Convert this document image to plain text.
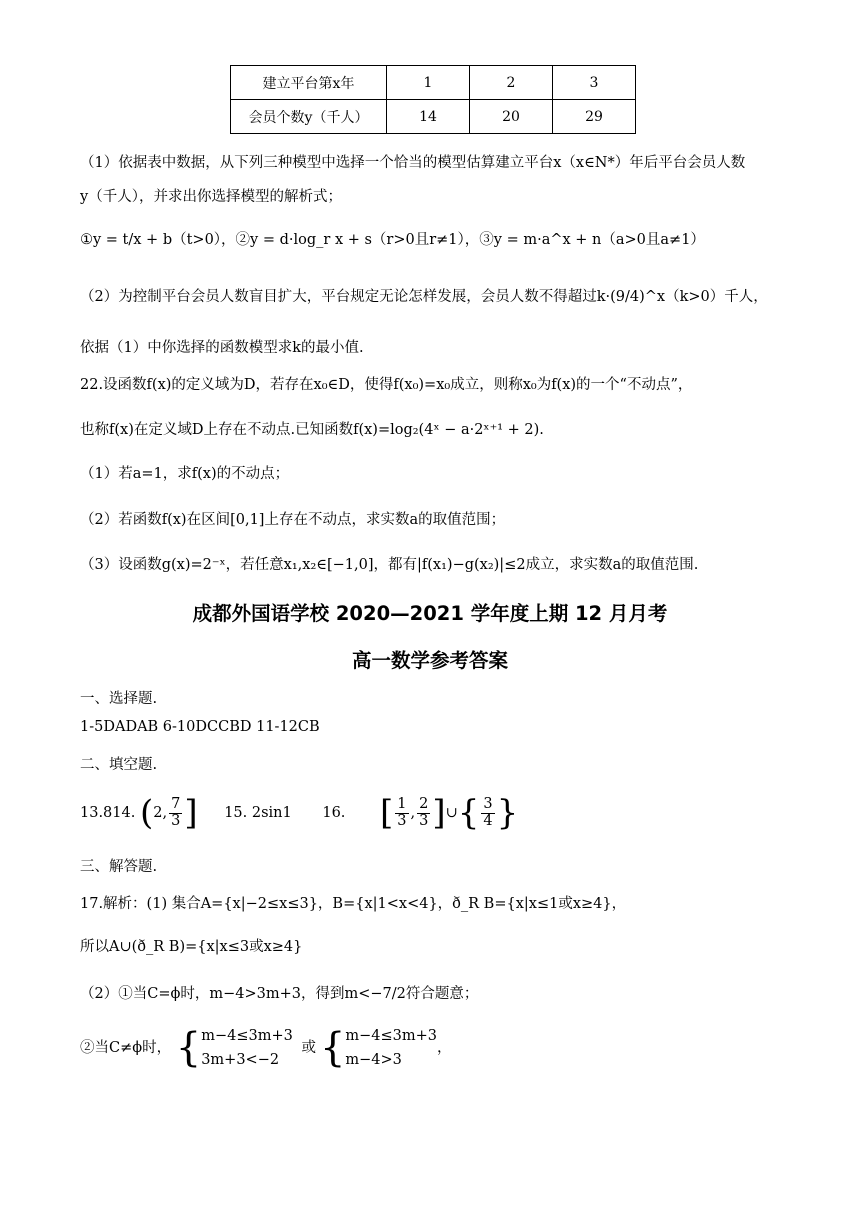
建立平台第x年	1	2	3
会员个数y（千人）	14	20	29
（1）依据表中数据，从下列三种模型中选择一个恰当的模型估算建立平台x（x∈N*）年后平台会员人数
y（千人），并求出你选择模型的解析式；
①y = t/x + b（t>0），②y = d·log_r x + s（r>0且r≠1），③y = m·a^x + n（a>0且a≠1）
（2）为控制平台会员人数盲目扩大，平台规定无论怎样发展，会员人数不得超过k·(9/4)^x（k>0）千人，
依据（1）中你选择的函数模型求k的最小值.
22.设函数f(x)的定义域为D，若存在x₀∈D，使得f(x₀)=x₀成立，则称x₀为f(x)的一个“不动点”，
也称f(x)在定义域D上存在不动点.已知函数f(x)=log₂(4ˣ − a·2ˣ⁺¹ + 2).
（1）若a=1，求f(x)的不动点；
（2）若函数f(x)在区间[0,1]上存在不动点，求实数a的取值范围；
（3）设函数g(x)=2⁻ˣ，若任意x₁,x₂∈[−1,0]，都有|f(x₁)−g(x₂)|≤2成立，求实数a的取值范围.
成都外国语学校 2020—2021 学年度上期 12 月月考
高一数学参考答案
一、选择题.
1-5DADAB 6-10DCCBD 11-12CB
二、填空题.
13.814. (2, $\frac{7}{3}$ ] 15. 2sin1 16. [ $\frac{1}{3}$ , $\frac{2}{3}$ ]∪{ $\frac{3}{4}$ }
三、解答题.
17.解析：(1) 集合A={x|−2≤x≤3}，B={x|1<x<4}，ð_R B={x|x≤1或x≥4}，
所以A∪(ð_R B)={x|x≤3或x≥4}
（2）①当C=ϕ时，m−4>3m+3，得到m<−7/2符合题意；
②当C≠ϕ时， { m−4≤3m+3
3m+3<−2
或 { m−4≤3m+3
m−4>3
，
